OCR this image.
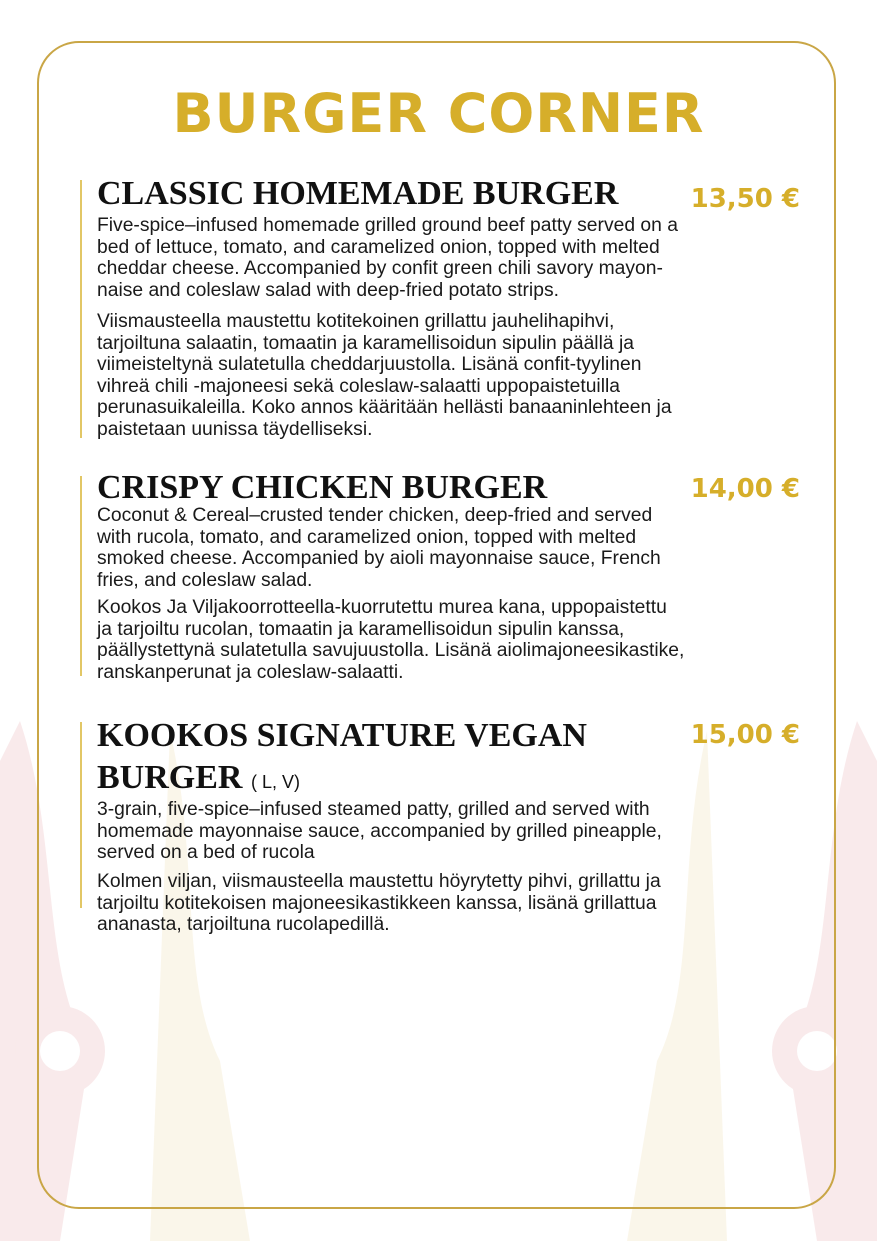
BURGER CORNER
CLASSIC HOMEMADE BURGER	13,50 €
Five-spice–infused homemade grilled ground beef patty served on a
bed of lettuce, tomato, and caramelized onion, topped with melted
cheddar cheese. Accompanied by confit green chili savory mayon-
naise and coleslaw salad with deep-fried potato strips.
Viismausteella maustettu kotitekoinen grillattu jauhelihapihvi,
tarjoiltuna salaatin, tomaatin ja karamellisoidun sipulin päällä ja
viimeisteltynä sulatetulla cheddarjuustolla. Lisänä confit-tyylinen
vihreä chili -majoneesi sekä coleslaw-salaatti uppopaistetuilla
perunasuikaleilla. Koko annos kääritään hellästi banaaninlehteen ja
paistetaan uunissa täydelliseksi.
CRISPY CHICKEN BURGER	14,00 €
Coconut & Cereal–crusted tender chicken, deep-fried and served
with rucola, tomato, and caramelized onion, topped with melted
smoked cheese. Accompanied by aioli mayonnaise sauce, French
fries, and coleslaw salad.
Kookos Ja Viljakoorrotteella-kuorrutettu murea kana, uppopaistettu
ja tarjoiltu rucolan, tomaatin ja karamellisoidun sipulin kanssa,
päällystettynä sulatetulla savujuustolla. Lisänä aiolimajoneesikastike,
ranskanperunat ja coleslaw-salaatti.
KOOKOS SIGNATURE VEGAN
BURGER ( L, V)
15,00 €
3-grain, five-spice–infused steamed patty, grilled and served with
homemade mayonnaise sauce, accompanied by grilled pineapple,
served on a bed of rucola
Kolmen viljan, viismausteella maustettu höyrytetty pihvi, grillattu ja
tarjoiltu kotitekoisen majoneesikastikkeen kanssa, lisänä grillattua
ananasta, tarjoiltuna rucolapedillä.
